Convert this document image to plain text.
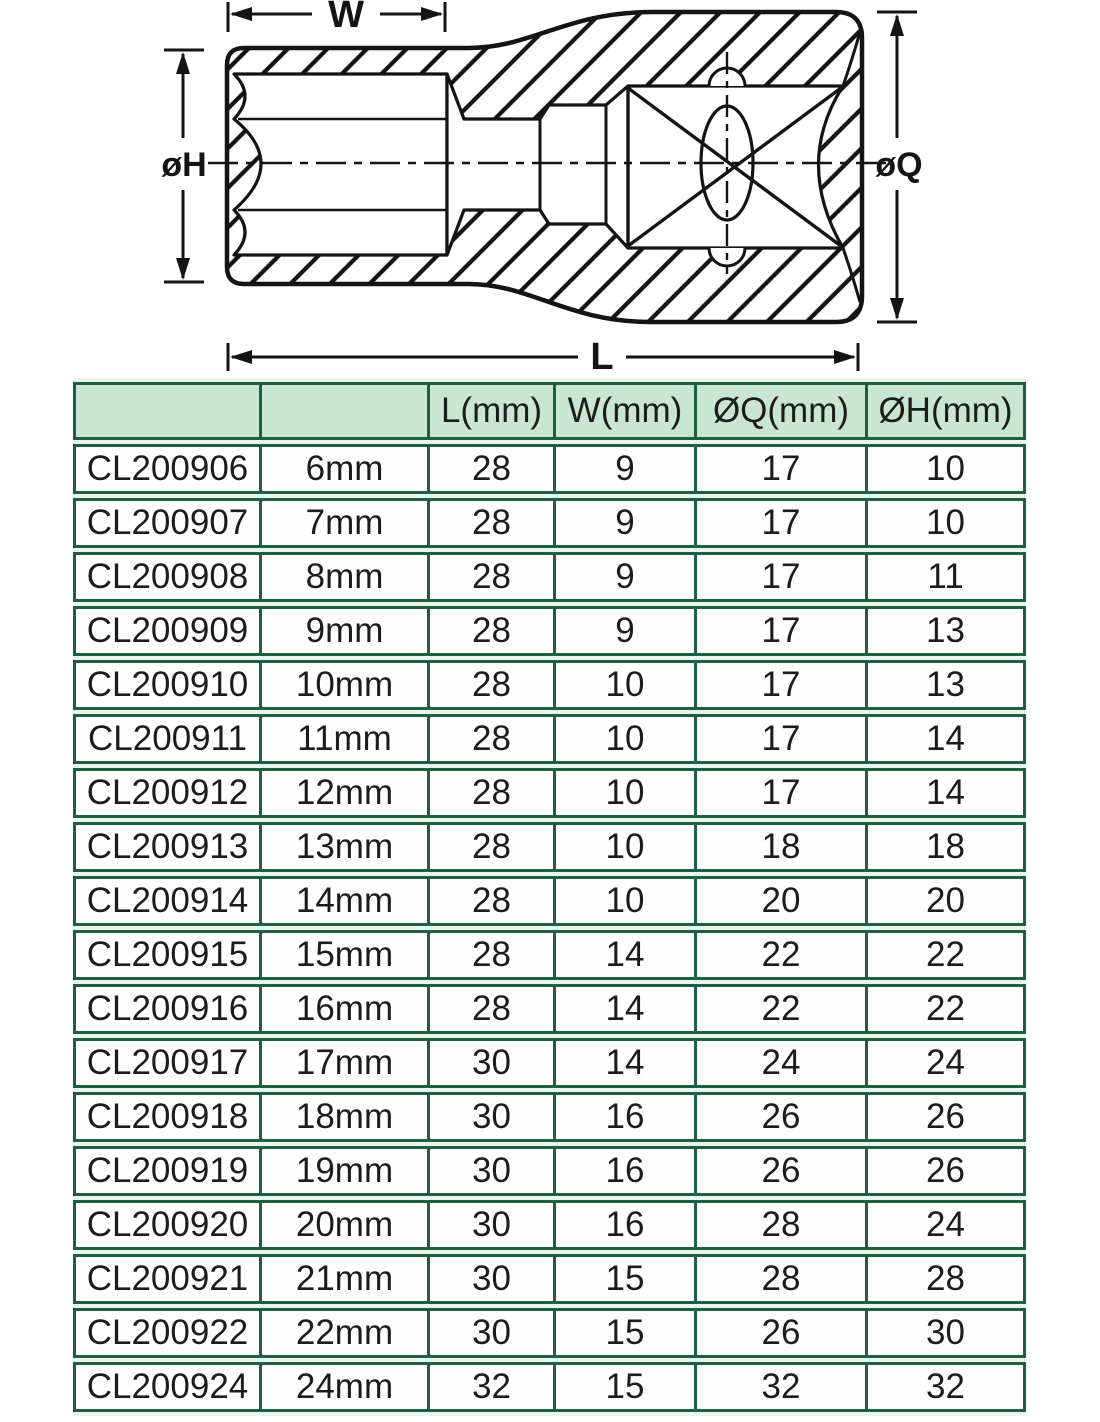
W
øH	øQ
L
		L(mm)	W(mm)	ØQ(mm)	ØH(mm)
CL200906	6mm	28	9	17	10
CL200907	7mm	28	9	17	10
CL200908	8mm	28	9	17	11
CL200909	9mm	28	9	17	13
CL200910	10mm	28	10	17	13
CL200911	11mm	28	10	17	14
CL200912	12mm	28	10	17	14
CL200913	13mm	28	10	18	18
CL200914	14mm	28	10	20	20
CL200915	15mm	28	14	22	22
CL200916	16mm	28	14	22	22
CL200917	17mm	30	14	24	24
CL200918	18mm	30	16	26	26
CL200919	19mm	30	16	26	26
CL200920	20mm	30	16	28	24
CL200921	21mm	30	15	28	28
CL200922	22mm	30	15	26	30
CL200924	24mm	32	15	32	32
